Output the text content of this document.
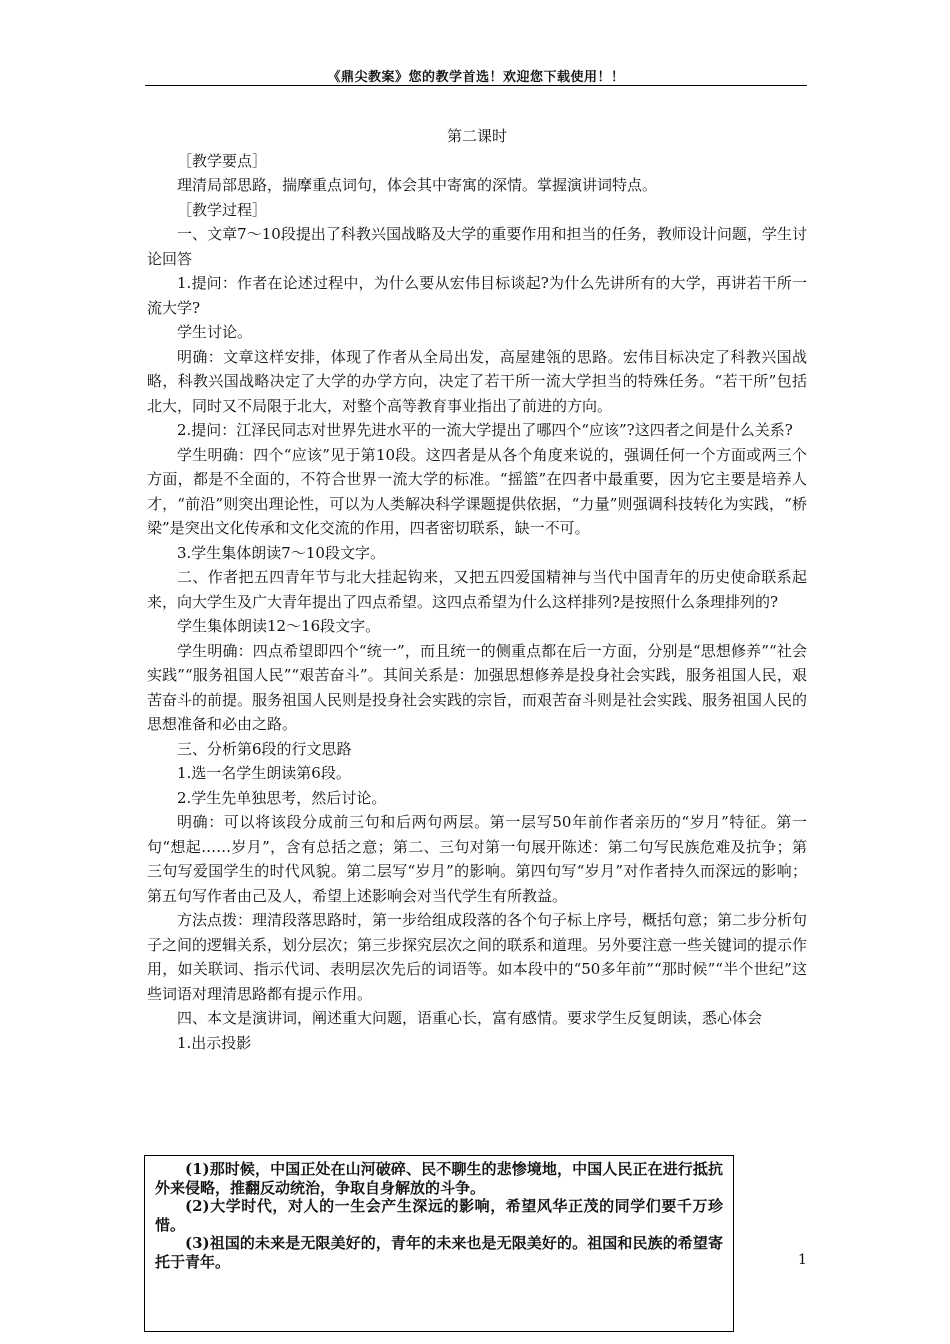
《鼎尖教案》您的教学首选！欢迎您下载使用！！

第二课时

［教学要点］

理清局部思路，揣摩重点词句，体会其中寄寓的深情。掌握演讲词特点。

［教学过程］

一、文章7～10段提出了科教兴国战略及大学的重要作用和担当的任务，教师设计问题，学生讨论回答

1.提问：作者在论述过程中，为什么要从宏伟目标谈起?为什么先讲所有的大学，再讲若干所一流大学?

学生讨论。

明确：文章这样安排，体现了作者从全局出发，高屋建瓴的思路。宏伟目标决定了科教兴国战略，科教兴国战略决定了大学的办学方向，决定了若干所一流大学担当的特殊任务。“若干所”包括北大，同时又不局限于北大，对整个高等教育事业指出了前进的方向。

2.提问：江泽民同志对世界先进水平的一流大学提出了哪四个“应该”?这四者之间是什么关系?

学生明确：四个“应该”见于第10段。这四者是从各个角度来说的，强调任何一个方面或两三个方面，都是不全面的，不符合世界一流大学的标准。“摇篮”在四者中最重要，因为它主要是培养人才，“前沿”则突出理论性，可以为人类解决科学课题提供依据，“力量”则强调科技转化为实践，“桥梁”是突出文化传承和文化交流的作用，四者密切联系，缺一不可。

3.学生集体朗读7～10段文字。

二、作者把五四青年节与北大挂起钩来，又把五四爱国精神与当代中国青年的历史使命联系起来，向大学生及广大青年提出了四点希望。这四点希望为什么这样排列?是按照什么条理排列的?

学生集体朗读12～16段文字。

学生明确：四点希望即四个“统一”，而且统一的侧重点都在后一方面，分别是“思想修养”“社会实践”“服务祖国人民”“艰苦奋斗”。其间关系是：加强思想修养是投身社会实践，服务祖国人民，艰苦奋斗的前提。服务祖国人民则是投身社会实践的宗旨，而艰苦奋斗则是社会实践、服务祖国人民的思想准备和必由之路。

三、分析第6段的行文思路

1.选一名学生朗读第6段。

2.学生先单独思考，然后讨论。

明确：可以将该段分成前三句和后两句两层。第一层写50年前作者亲历的“岁月”特征。第一句“想起……岁月”，含有总括之意；第二、三句对第一句展开陈述：第二句写民族危难及抗争；第三句写爱国学生的时代风貌。第二层写“岁月”的影响。第四句写“岁月”对作者持久而深远的影响；第五句写作者由己及人，希望上述影响会对当代学生有所教益。

方法点拨：理清段落思路时，第一步给组成段落的各个句子标上序号，概括句意；第二步分析句子之间的逻辑关系，划分层次；第三步探究层次之间的联系和道理。另外要注意一些关键词的提示作用，如关联词、指示代词、表明层次先后的词语等。如本段中的“50多年前”“那时候”“半个世纪”这些词语对理清思路都有提示作用。

四、本文是演讲词，阐述重大问题，语重心长，富有感情。要求学生反复朗读，悉心体会

1.出示投影

(1)那时候，中国正处在山河破碎、民不聊生的悲惨境地，中国人民正在进行抵抗外来侵略，推翻反动统治，争取自身解放的斗争。

(2)大学时代，对人的一生会产生深远的影响，希望风华正茂的同学们要千万珍惜。

(3)祖国的未来是无限美好的，青年的未来也是无限美好的。祖国和民族的希望寄托于青年。	1
